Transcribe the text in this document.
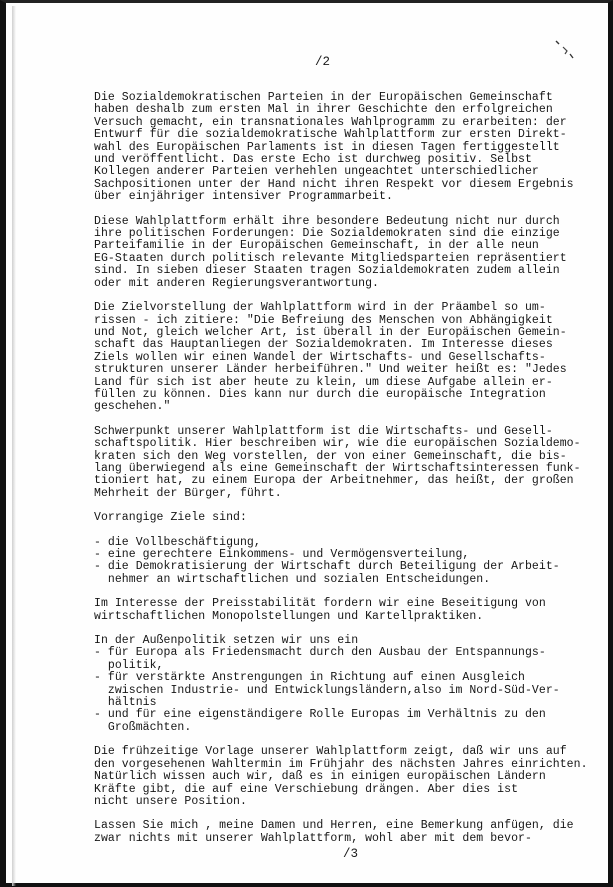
/2

Die Sozialdemokratischen Parteien in der Europäischen Gemeinschaft
haben deshalb zum ersten Mal in ihrer Geschichte den erfolgreichen
Versuch gemacht, ein transnationales Wahlprogramm zu erarbeiten: der
Entwurf für die sozialdemokratische Wahlplattform zur ersten Direkt-
wahl des Europäischen Parlaments ist in diesen Tagen fertiggestellt
und veröffentlicht. Das erste Echo ist durchweg positiv. Selbst
Kollegen anderer Parteien verhehlen ungeachtet unterschiedlicher
Sachpositionen unter der Hand nicht ihren Respekt vor diesem Ergebnis
über einjähriger intensiver Programmarbeit.

Diese Wahlplattform erhält ihre besondere Bedeutung nicht nur durch
ihre politischen Forderungen: Die Sozialdemokraten sind die einzige
Parteifamilie in der Europäischen Gemeinschaft, in der alle neun
EG-Staaten durch politisch relevante Mitgliedsparteien repräsentiert
sind. In sieben dieser Staaten tragen Sozialdemokraten zudem allein
oder mit anderen Regierungsverantwortung.

Die Zielvorstellung der Wahlplattform wird in der Präambel so um-
rissen - ich zitiere: "Die Befreiung des Menschen von Abhängigkeit
und Not, gleich welcher Art, ist überall in der Europäischen Gemein-
schaft das Hauptanliegen der Sozialdemokraten. Im Interesse dieses
Ziels wollen wir einen Wandel der Wirtschafts- und Gesellschafts-
strukturen unserer Länder herbeiführen." Und weiter heißt es: "Jedes
Land für sich ist aber heute zu klein, um diese Aufgabe allein er-
füllen zu können. Dies kann nur durch die europäische Integration
geschehen."

Schwerpunkt unserer Wahlplattform ist die Wirtschafts- und Gesell-
schaftspolitik. Hier beschreiben wir, wie die europäischen Sozialdemo-
kraten sich den Weg vorstellen, der von einer Gemeinschaft, die bis-
lang überwiegend als eine Gemeinschaft der Wirtschaftsinteressen funk-
tioniert hat, zu einem Europa der Arbeitnehmer, das heißt, der großen
Mehrheit der Bürger, führt.

Vorrangige Ziele sind:

- die Vollbeschäftigung,
- eine gerechtere Einkommens- und Vermögensverteilung,
- die Demokratisierung der Wirtschaft durch Beteiligung der Arbeit-
nehmer an wirtschaftlichen und sozialen Entscheidungen.

Im Interesse der Preisstabilität fordern wir eine Beseitigung von
wirtschaftlichen Monopolstellungen und Kartellpraktiken.

In der Außenpolitik setzen wir uns ein

- für Europa als Friedensmacht durch den Ausbau der Entspannungs-
politik,
- für verstärkte Anstrengungen in Richtung auf einen Ausgleich
zwischen Industrie- und Entwicklungsländern,also im Nord-Süd-Ver-
hältnis
- und für eine eigenständigere Rolle Europas im Verhältnis zu den
Großmächten.

Die frühzeitige Vorlage unserer Wahlplattform zeigt, daß wir uns auf
den vorgesehenen Wahltermin im Frühjahr des nächsten Jahres einrichten.
Natürlich wissen auch wir, daß es in einigen europäischen Ländern
Kräfte gibt, die auf eine Verschiebung drängen. Aber dies ist
nicht unsere Position.

Lassen Sie mich , meine Damen und Herren, eine Bemerkung anfügen, die
zwar nichts mit unserer Wahlplattform, wohl aber mit dem bevor-

/3
